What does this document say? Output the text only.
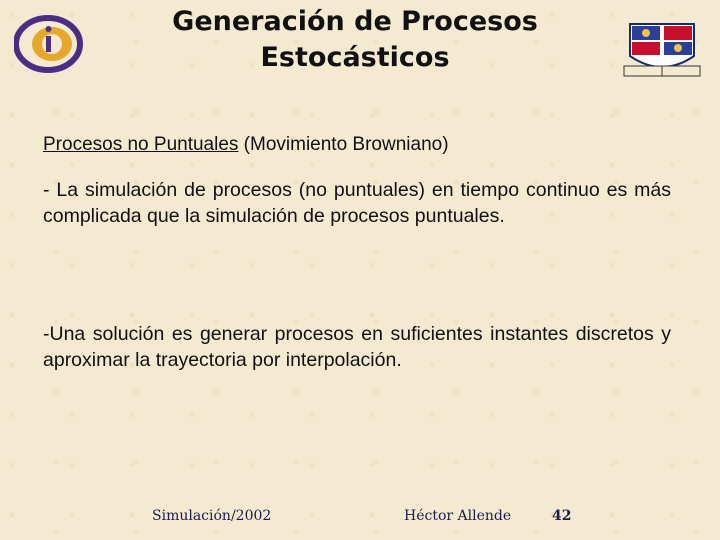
Generación de Procesos
Estocásticos
Procesos no Puntuales (Movimiento Browniano)
- La simulación de procesos (no puntuales) en tiempo continuo es más complicada que la simulación de procesos puntuales.
-Una solución es generar procesos en suficientes instantes discretos y aproximar la trayectoria por interpolación.
Simulación/2002	Héctor Allende	42
